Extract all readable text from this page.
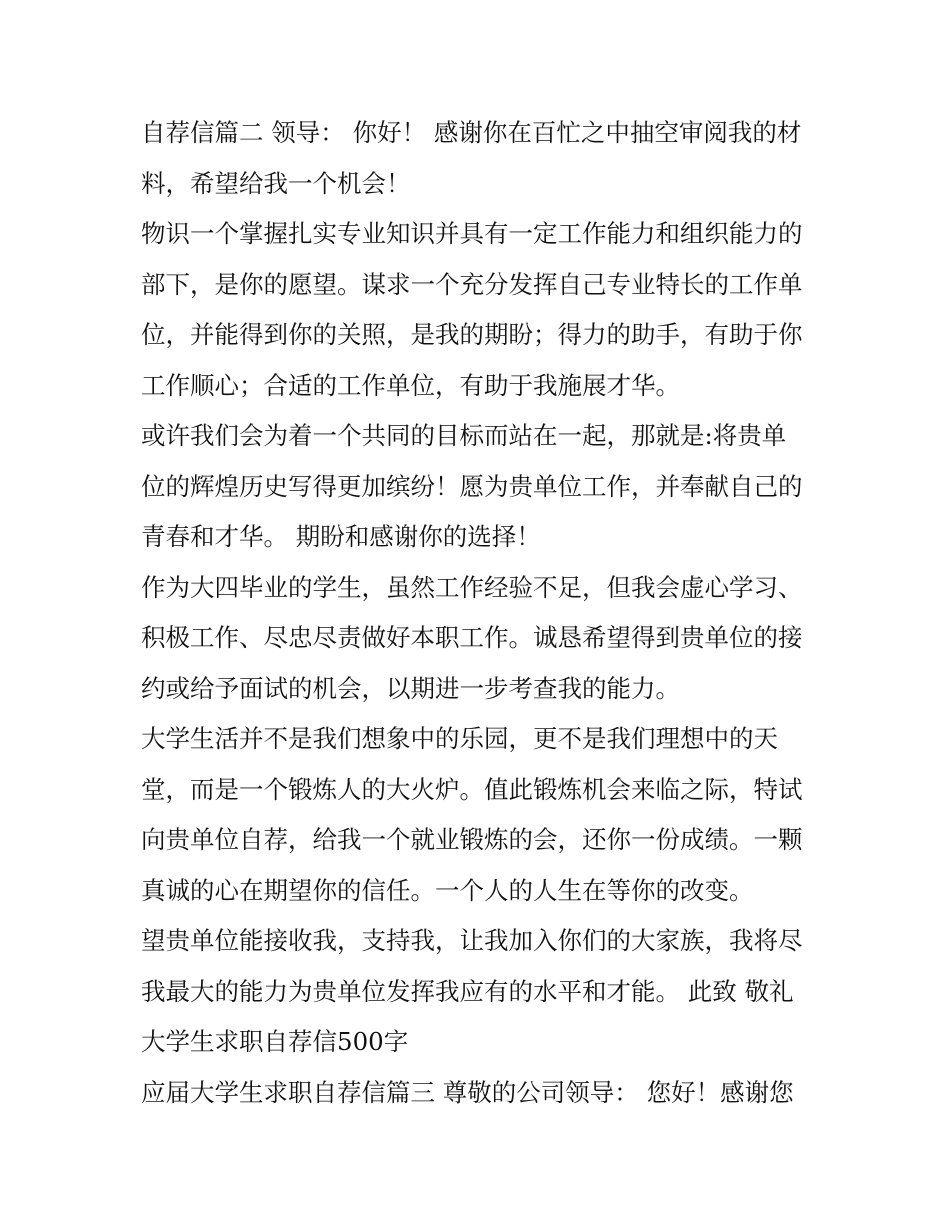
自荐信篇二 领导： 你好！ 感谢你在百忙之中抽空审阅我的材
料，希望给我一个机会！
物识一个掌握扎实专业知识并具有一定工作能力和组织能力的
部下，是你的愿望。谋求一个充分发挥自己专业特长的工作单
位，并能得到你的关照，是我的期盼；得力的助手，有助于你
工作顺心；合适的工作单位，有助于我施展才华。
或许我们会为着一个共同的目标而站在一起，那就是:将贵单
位的辉煌历史写得更加缤纷！愿为贵单位工作，并奉献自己的
青春和才华。 期盼和感谢你的选择！
作为大四毕业的学生，虽然工作经验不足，但我会虚心学习、
积极工作、尽忠尽责做好本职工作。诚恳希望得到贵单位的接
约或给予面试的机会，以期进一步考查我的能力。
大学生活并不是我们想象中的乐园，更不是我们理想中的天
堂，而是一个锻炼人的大火炉。值此锻炼机会来临之际，特试
向贵单位自荐，给我一个就业锻炼的会，还你一份成绩。一颗
真诚的心在期望你的信任。一个人的人生在等你的改变。
望贵单位能接收我，支持我，让我加入你们的大家族，我将尽
我最大的能力为贵单位发挥我应有的水平和才能。 此致 敬礼
大学生求职自荐信500字
应届大学生求职自荐信篇三 尊敬的公司领导： 您好！感谢您
